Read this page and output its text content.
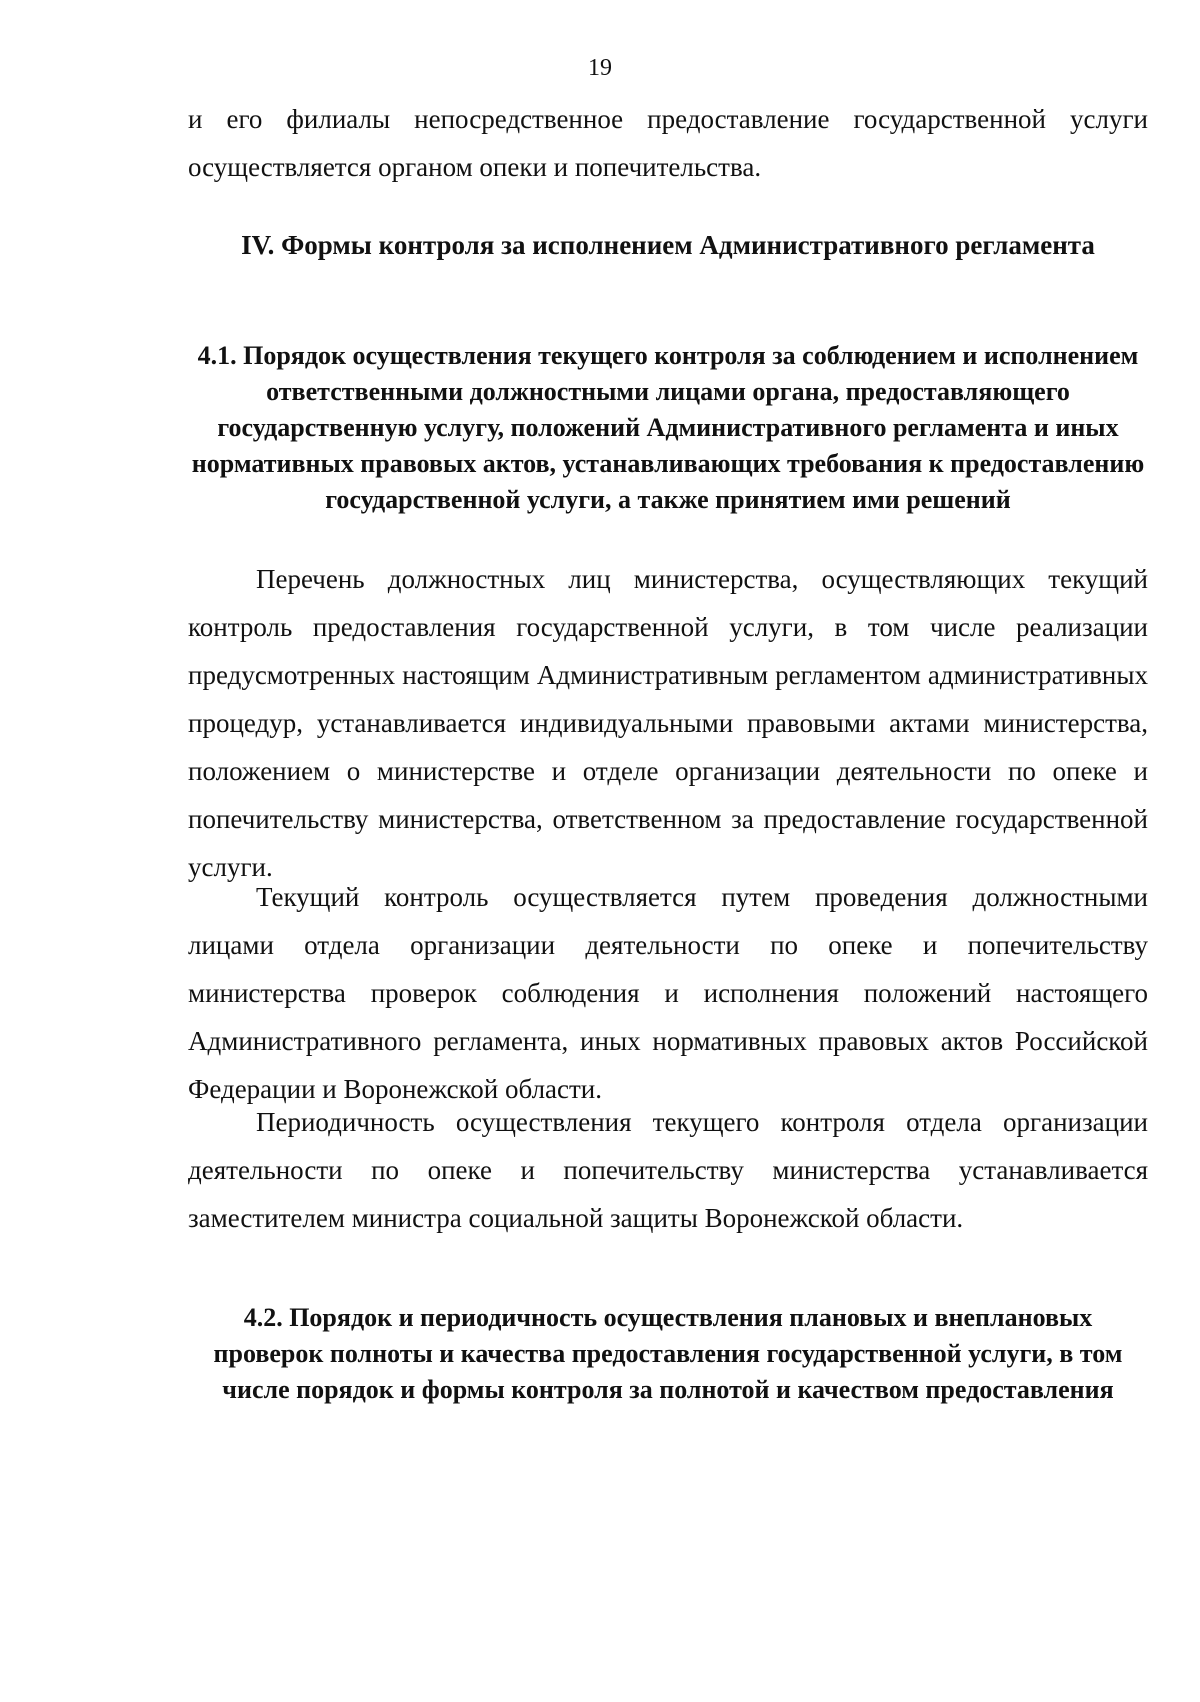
19
и его филиалы непосредственное предоставление государственной услуги осуществляется органом опеки и попечительства.
IV. Формы контроля за исполнением Административного регламента
4.1. Порядок осуществления текущего контроля за соблюдением и исполнением ответственными должностными лицами органа, предоставляющего государственную услугу, положений Административного регламента и иных нормативных правовых актов, устанавливающих требования к предоставлению государственной услуги, а также принятием ими решений
Перечень должностных лиц министерства, осуществляющих текущий контроль предоставления государственной услуги, в том числе реализации предусмотренных настоящим Административным регламентом административных процедур, устанавливается индивидуальными правовыми актами министерства, положением о министерстве и отделе организации деятельности по опеке и попечительству министерства, ответственном за предоставление государственной услуги.
Текущий контроль осуществляется путем проведения должностными лицами отдела организации деятельности по опеке и попечительству министерства проверок соблюдения и исполнения положений настоящего Административного регламента, иных нормативных правовых актов Российской Федерации и Воронежской области.
Периодичность осуществления текущего контроля отдела организации деятельности по опеке и попечительству министерства устанавливается заместителем министра социальной защиты Воронежской области.
4.2. Порядок и периодичность осуществления плановых и внеплановых проверок полноты и качества предоставления государственной услуги, в том числе порядок и формы контроля за полнотой и качеством предоставления
